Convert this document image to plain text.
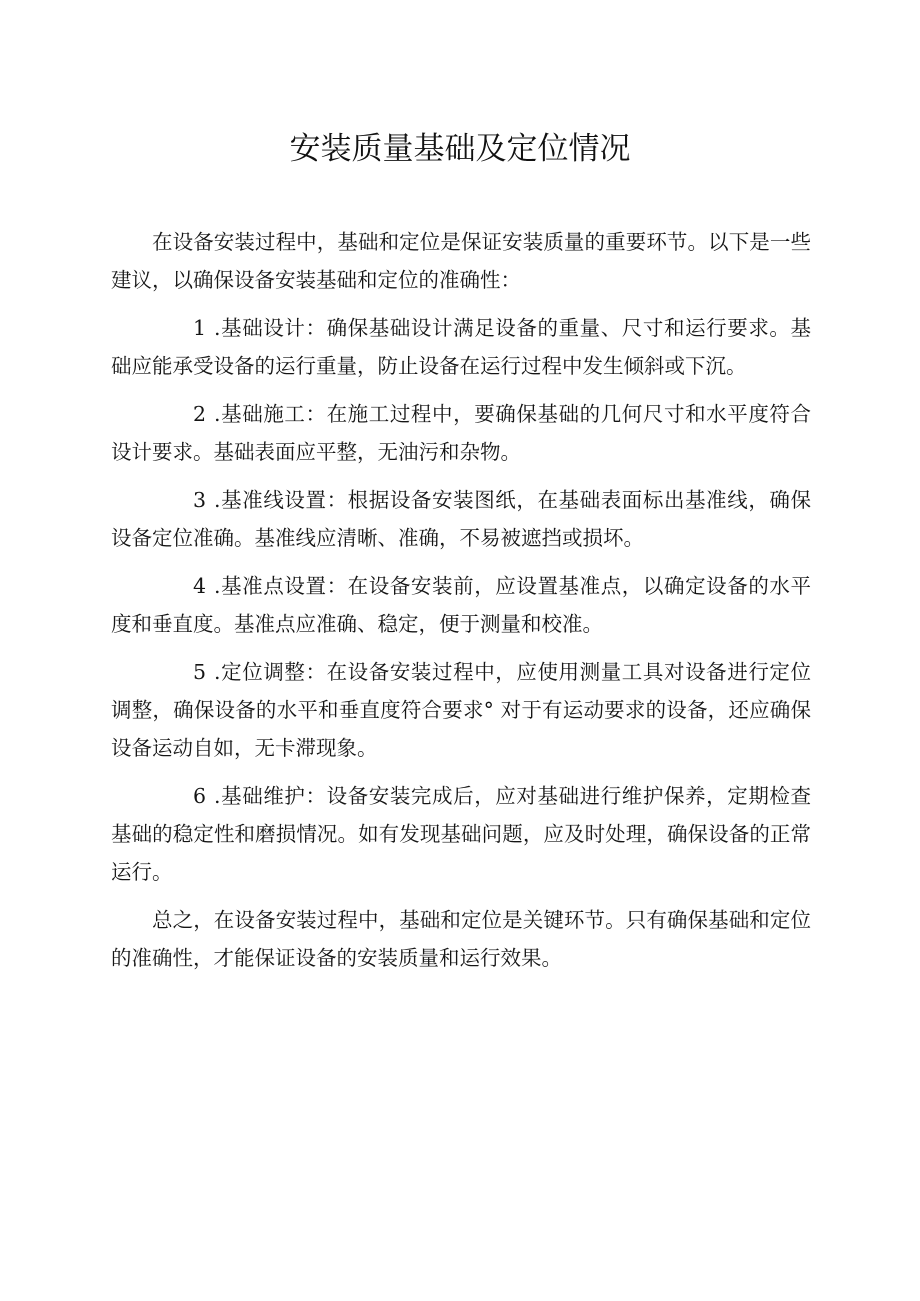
安装质量基础及定位情况

在设备安装过程中，基础和定位是保证安装质量的重要环节。以下是一些建议，以确保设备安装基础和定位的准确性：

1 .基础设计：确保基础设计满足设备的重量、尺寸和运行要求。基础应能承受设备的运行重量，防止设备在运行过程中发生倾斜或下沉。

2 .基础施工：在施工过程中，要确保基础的几何尺寸和水平度符合设计要求。基础表面应平整，无油污和杂物。

3 .基准线设置：根据设备安装图纸，在基础表面标出基准线，确保设备定位准确。基准线应清晰、准确，不易被遮挡或损坏。

4 .基准点设置：在设备安装前，应设置基准点，以确定设备的水平度和垂直度。基准点应准确、稳定，便于测量和校准。

5 .定位调整：在设备安装过程中，应使用测量工具对设备进行定位调整，确保设备的水平和垂直度符合要求° 对于有运动要求的设备，还应确保设备运动自如，无卡滞现象。

6 .基础维护：设备安装完成后，应对基础进行维护保养，定期检查基础的稳定性和磨损情况。如有发现基础问题，应及时处理，确保设备的正常运行。

总之，在设备安装过程中，基础和定位是关键环节。只有确保基础和定位的准确性，才能保证设备的安装质量和运行效果。
